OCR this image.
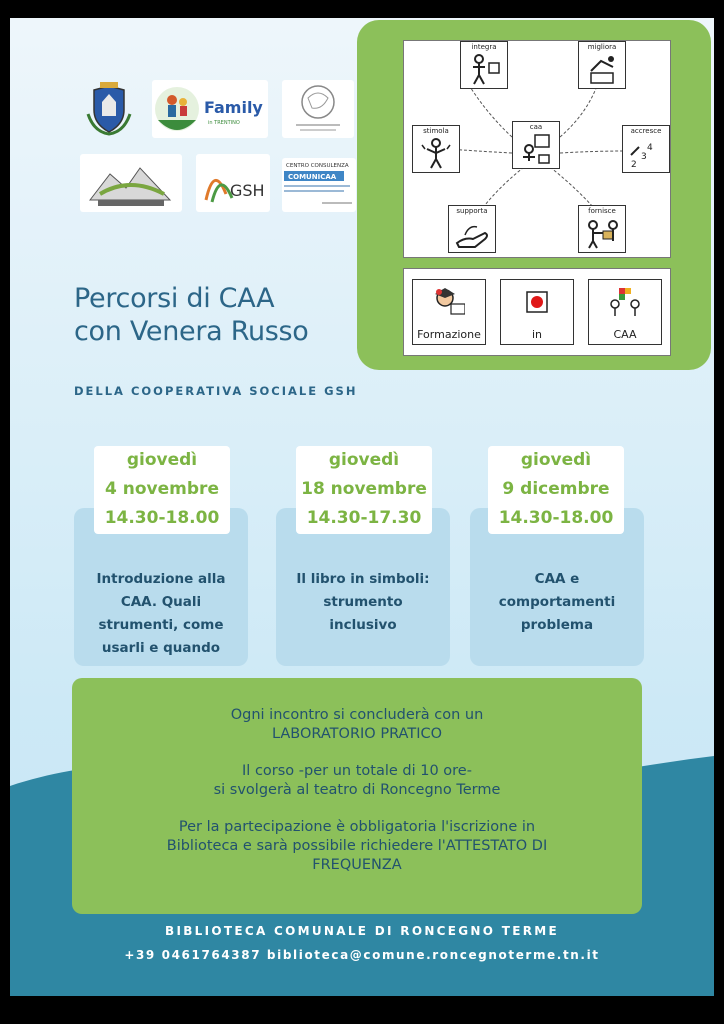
Family
in TRENTINO
GSH
CENTRO CONSULENZA
COMUNICAA
integra	migliora
stimola	caa	accresce
4
2
3
supporta	fornisce
Formazione	in	CAA
Percorsi di CAA
con Venera Russo
DELLA COOPERATIVA SOCIALE GSH
Introduzione alla CAA. Quali strumenti, come usarli e quando
Il libro in simboli: strumento inclusivo
CAA e comportamenti problema
giovedì
4 novembre
14.30-18.00
giovedì
18 novembre
14.30-17.30
giovedì
9 dicembre
14.30-18.00

Ogni incontro si concluderà con un

LABORATORIO PRATICO

Il corso -per un totale di 10 ore-

si svolgerà al teatro di Roncegno Terme

Per la partecipazione è obbligatoria l'iscrizione in

Biblioteca e sarà possibile richiedere l'ATTESTATO DI

FREQUENZA

BIBLIOTECA COMUNALE DI RONCEGNO TERME
+39 0461764387 biblioteca@comune.roncegnoterme.tn.it
